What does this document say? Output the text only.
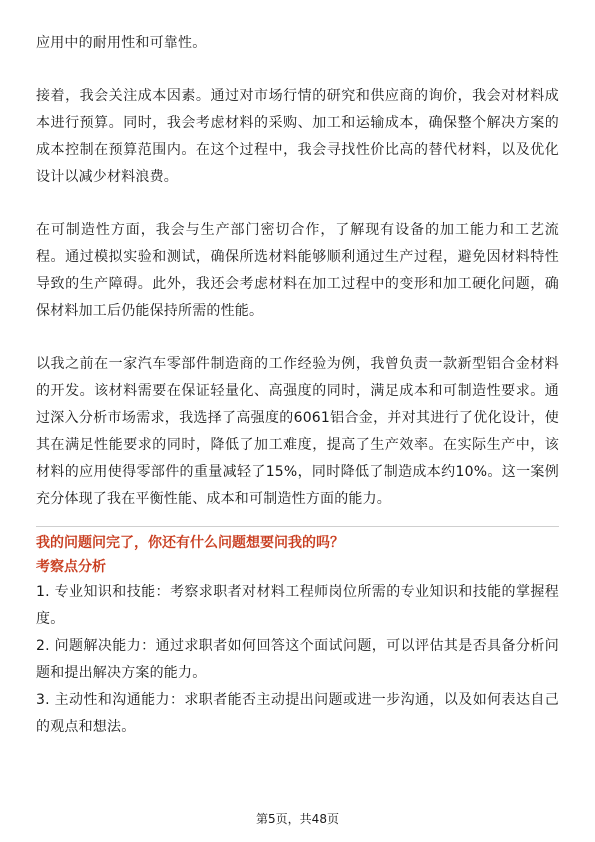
应用中的耐用性和可靠性。

接着，我会关注成本因素。通过对市场行情的研究和供应商的询价，我会对材料成本进行预算。同时，我会考虑材料的采购、加工和运输成本，确保整个解决方案的成本控制在预算范围内。在这个过程中，我会寻找性价比高的替代材料，以及优化设计以减少材料浪费。

在可制造性方面，我会与生产部门密切合作，了解现有设备的加工能力和工艺流程。通过模拟实验和测试，确保所选材料能够顺利通过生产过程，避免因材料特性导致的生产障碍。此外，我还会考虑材料在加工过程中的变形和加工硬化问题，确保材料加工后仍能保持所需的性能。

以我之前在一家汽车零部件制造商的工作经验为例，我曾负责一款新型铝合金材料的开发。该材料需要在保证轻量化、高强度的同时，满足成本和可制造性要求。通过深入分析市场需求，我选择了高强度的6061铝合金，并对其进行了优化设计，使其在满足性能要求的同时，降低了加工难度，提高了生产效率。在实际生产中，该材料的应用使得零部件的重量减轻了15%，同时降低了制造成本约10%。这一案例充分体现了我在平衡性能、成本和可制造性方面的能力。

我的问题问完了，你还有什么问题想要问我的吗？

考察点分析

1. 专业知识和技能：考察求职者对材料工程师岗位所需的专业知识和技能的掌握程度。

2. 问题解决能力：通过求职者如何回答这个面试问题，可以评估其是否具备分析问题和提出解决方案的能力。

3. 主动性和沟通能力：求职者能否主动提出问题或进一步沟通，以及如何表达自己的观点和想法。

第5页，共48页
